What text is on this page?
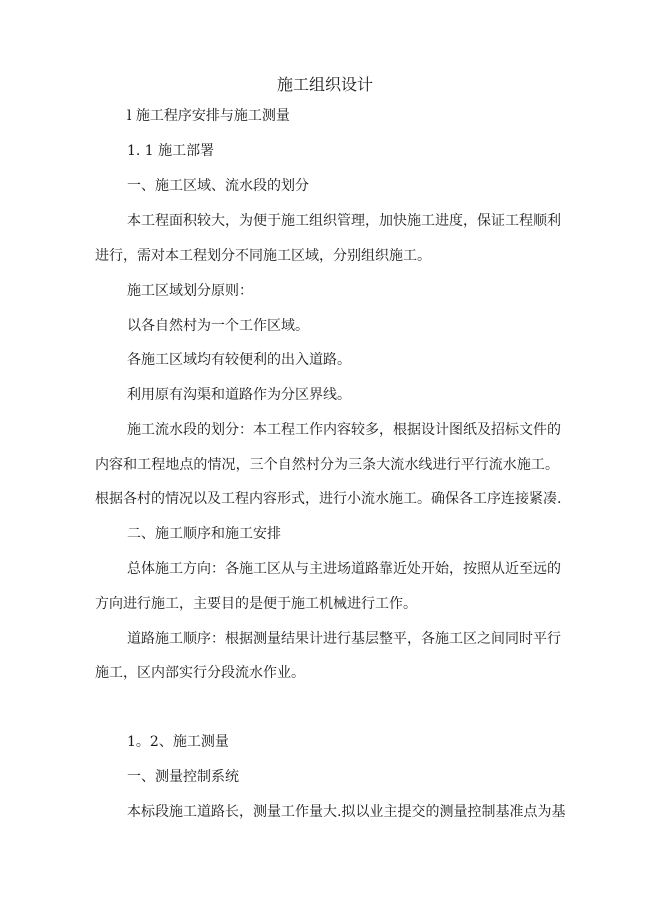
施工组织设计

l 施工程序安排与施工测量

1. 1 施工部署

一、施工区域、流水段的划分

本工程面积较大，为便于施工组织管理，加快施工进度，保证工程顺利

进行，需对本工程划分不同施工区域，分别组织施工。

施工区域划分原则：

以各自然村为一个工作区域。

各施工区域均有较便利的出入道路。

利用原有沟渠和道路作为分区界线。

施工流水段的划分：本工程工作内容较多，根据设计图纸及招标文件的

内容和工程地点的情况，三个自然村分为三条大流水线进行平行流水施工。

根据各村的情况以及工程内容形式，进行小流水施工。确保各工序连接紧凑.

二、施工顺序和施工安排

总体施工方向：各施工区从与主进场道路靠近处开始，按照从近至远的

方向进行施工，主要目的是便于施工机械进行工作。

道路施工顺序：根据测量结果计进行基层整平，各施工区之间同时平行

施工，区内部实行分段流水作业。

1。2、施工测量

一、测量控制系统

本标段施工道路长，测量工作量大.拟以业主提交的测量控制基准点为基
